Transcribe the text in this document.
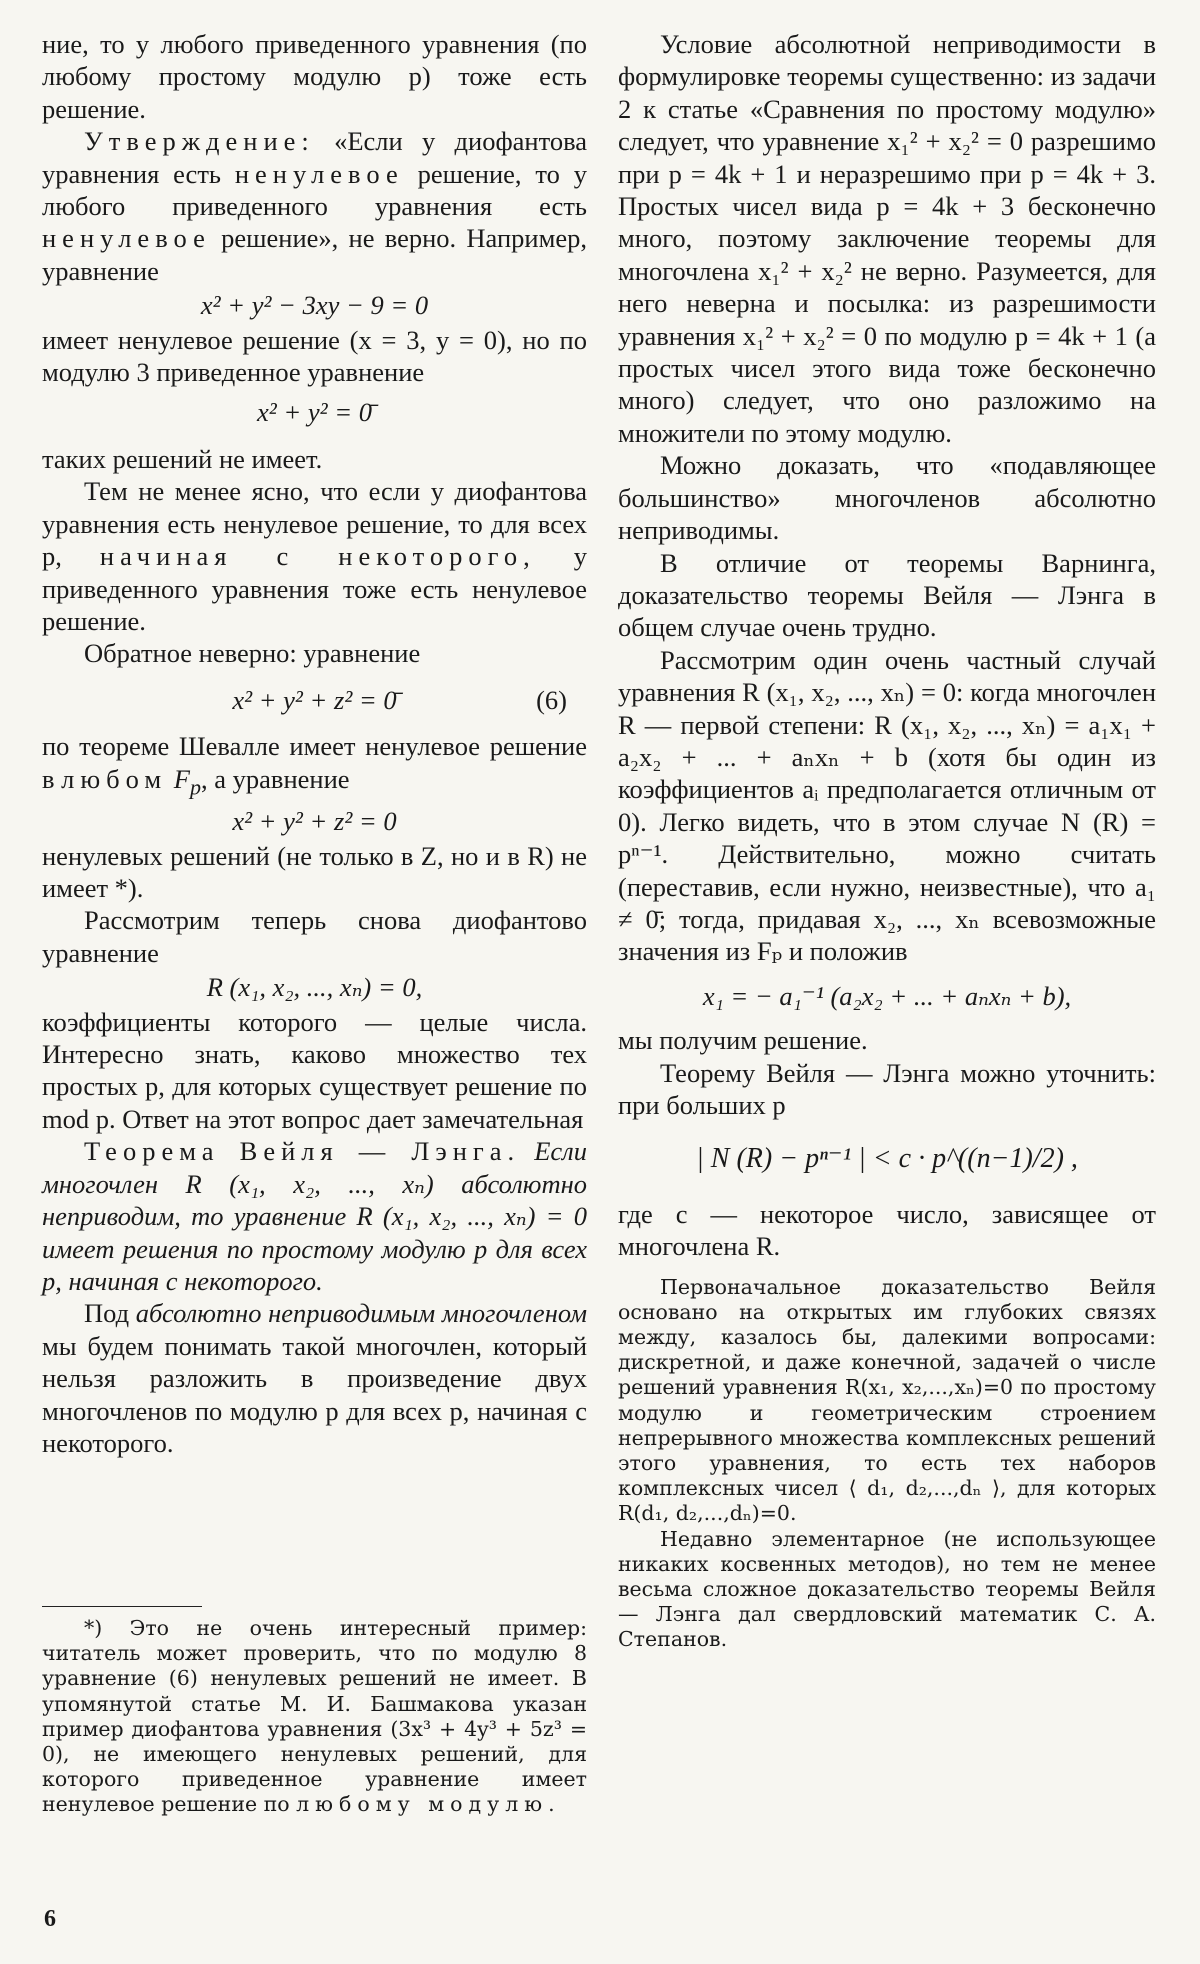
ние, то у любого приведенного уравнения (по любому простому модулю p) тоже есть решение.

Утверждение: «Если у диофантова уравнения есть ненулевое решение, то у любого приведенного уравнения есть ненулевое решение», не верно. Например, уравнение

x² + y² − 3xy − 9 = 0

имеет ненулевое решение (x = 3, y = 0), но по модулю 3 приведенное уравнение

x² + y² = 0̄

таких решений не имеет.

Тем не менее ясно, что если у диофантова уравнения есть ненулевое решение, то для всех p, начиная с некоторого, у приведенного уравнения тоже есть ненулевое решение.

Обратное неверно: уравнение

x² + y² + z² = 0̄	(6)

по теореме Шевалле имеет ненулевое решение в любом $F_p$, а уравнение

x² + y² + z² = 0

ненулевых решений (не только в Z, но и в R) не имеет *).

Рассмотрим теперь снова диофантово уравнение

R (x₁, x₂, ..., xₙ) = 0,

коэффициенты которого — целые числа. Интересно знать, каково множество тех простых p, для которых существует решение по mod p. Ответ на этот вопрос дает замечательная

Теорема Вейля — Лэнга. Если многочлен R (x₁, x₂, ..., xₙ) абсолютно неприводим, то уравнение R (x₁, x₂, ..., xₙ) = 0 имеет решения по простому модулю p для всех p, начиная с некоторого.

Под абсолютно неприводимым многочленом мы будем понимать такой многочлен, который нельзя разложить в произведение двух многочленов по модулю p для всех p, начиная с некоторого.

*) Это не очень интересный пример: читатель может проверить, что по модулю 8 уравнение (6) ненулевых решений не имеет. В упомянутой статье М. И. Башмакова указан пример диофантова уравнения (3x³ + 4y³ + 5z³ = 0), не имеющего ненулевых решений, для которого приведенное уравнение имеет ненулевое решение по любому модулю.

Условие абсолютной неприводимости в формулировке теоремы существенно: из задачи 2 к статье «Сравнения по простому модулю» следует, что уравнение x₁² + x₂² = 0 разрешимо при p = 4k + 1 и неразрешимо при p = 4k + 3. Простых чисел вида p = 4k + 3 бесконечно много, поэтому заключение теоремы для многочлена x₁² + x₂² не верно. Разумеется, для него неверна и посылка: из разрешимости уравнения x₁² + x₂² = 0 по модулю p = 4k + 1 (а простых чисел этого вида тоже бесконечно много) следует, что оно разложимо на множители по этому модулю.

Можно доказать, что «подавляющее большинство» многочленов абсолютно неприводимы.

В отличие от теоремы Варнинга, доказательство теоремы Вейля — Лэнга в общем случае очень трудно.

Рассмотрим один очень частный случай уравнения R (x₁, x₂, ..., xₙ) = 0: когда многочлен R — первой степени: R (x₁, x₂, ..., xₙ) = a₁x₁ + a₂x₂ + ... + aₙxₙ + b (хотя бы один из коэффициентов aᵢ предполагается отличным от 0). Легко видеть, что в этом случае N (R) = pⁿ⁻¹. Действительно, можно считать (переставив, если нужно, неизвестные), что a₁ ≠ 0̄; тогда, придавая x₂, ..., xₙ всевозможные значения из Fₚ и положив

x₁ = − a₁⁻¹ (a₂x₂ + ... + aₙxₙ + b),

мы получим решение.

Теорему Вейля — Лэнга можно уточнить: при больших p

| N (R) − pⁿ⁻¹ | < c · p^((n−1)/2) ,

где c — некоторое число, зависящее от многочлена R.

Первоначальное доказательство Вейля основано на открытых им глубоких связях между, казалось бы, далекими вопросами: дискретной, и даже конечной, задачей о числе решений уравнения R(x₁, x₂,...,xₙ)=0 по простому модулю и геометрическим строением непрерывного множества комплексных решений этого уравнения, то есть тех наборов комплексных чисел ⟨ d₁, d₂,...,dₙ ⟩, для которых R(d₁, d₂,...,dₙ)=0.

Недавно элементарное (не использующее никаких косвенных методов), но тем не менее весьма сложное доказательство теоремы Вейля — Лэнга дал свердловский математик С. А. Степанов.

6
